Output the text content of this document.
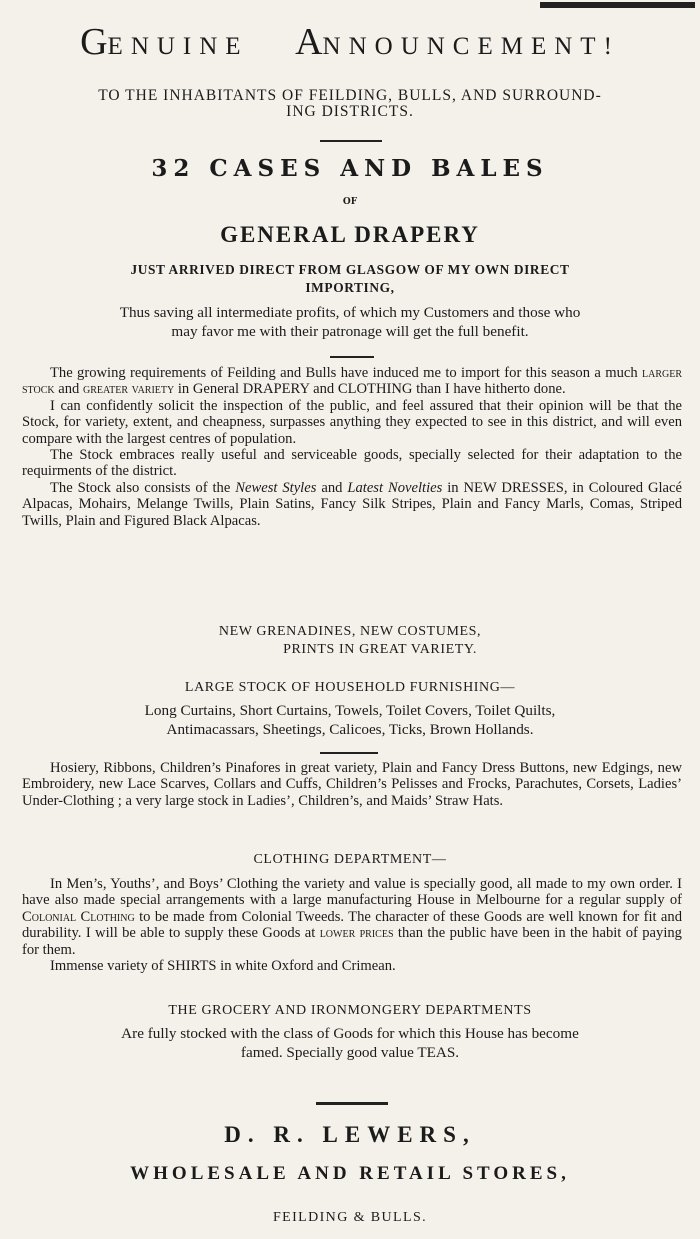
GENUINE ANNOUNCEMENT!
TO THE INHABITANTS OF FEILDING, BULLS, AND SURROUND-
ING DISTRICTS.
32 CASES AND BALES
OF
GENERAL DRAPERY
JUST ARRIVED DIRECT FROM GLASGOW OF MY OWN DIRECT
IMPORTING,
Thus saving all intermediate profits, of which my Customers and those who
may favor me with their patronage will get the full benefit.

The growing requirements of Feilding and Bulls have induced me to import for this season a much larger stock and greater variety in General DRAPERY and CLOTHING than I have hitherto done.

I can confidently solicit the inspection of the public, and feel assured that their opinion will be that the Stock, for variety, extent, and cheapness, surpasses anything they expected to see in this district, and will even compare with the largest centres of population.

The Stock embraces really useful and serviceable goods, specially selected for their adaptation to the requirments of the district.

The Stock also consists of the Newest Styles and Latest Novelties in NEW DRESSES, in Coloured Glacé Alpacas, Mohairs, Melange Twills, Plain Satins, Fancy Silk Stripes, Plain and Fancy Marls, Comas, Striped Twills, Plain and Figured Black Alpacas.

NEW GRENADINES, NEW COSTUMES,
PRINTS IN GREAT VARIETY.
LARGE STOCK OF HOUSEHOLD FURNISHING—
Long Curtains, Short Curtains, Towels, Toilet Covers, Toilet Quilts,
Antimacassars, Sheetings, Calicoes, Ticks, Brown Hollands.

Hosiery, Ribbons, Children’s Pinafores in great variety, Plain and Fancy Dress Buttons, new Edgings, new Embroidery, new Lace Scarves, Collars and Cuffs, Children’s Pelisses and Frocks, Parachutes, Corsets, Ladies’ Under-Clothing ; a very large stock in Ladies’, Children’s, and Maids’ Straw Hats.

CLOTHING DEPARTMENT—

In Men’s, Youths’, and Boys’ Clothing the variety and value is specially good, all made to my own order. I have also made special arrangements with a large manufacturing House in Melbourne for a regular supply of Colonial Clothing to be made from Colonial Tweeds. The character of these Goods are well known for fit and durability. I will be able to supply these Goods at lower prices than the public have been in the habit of paying for them.

Immense variety of SHIRTS in white Oxford and Crimean.

THE GROCERY AND IRONMONGERY DEPARTMENTS
Are fully stocked with the class of Goods for which this House has become
famed. Specially good value TEAS.
D. R. LEWERS,
WHOLESALE AND RETAIL STORES,
FEILDING & BULLS.
